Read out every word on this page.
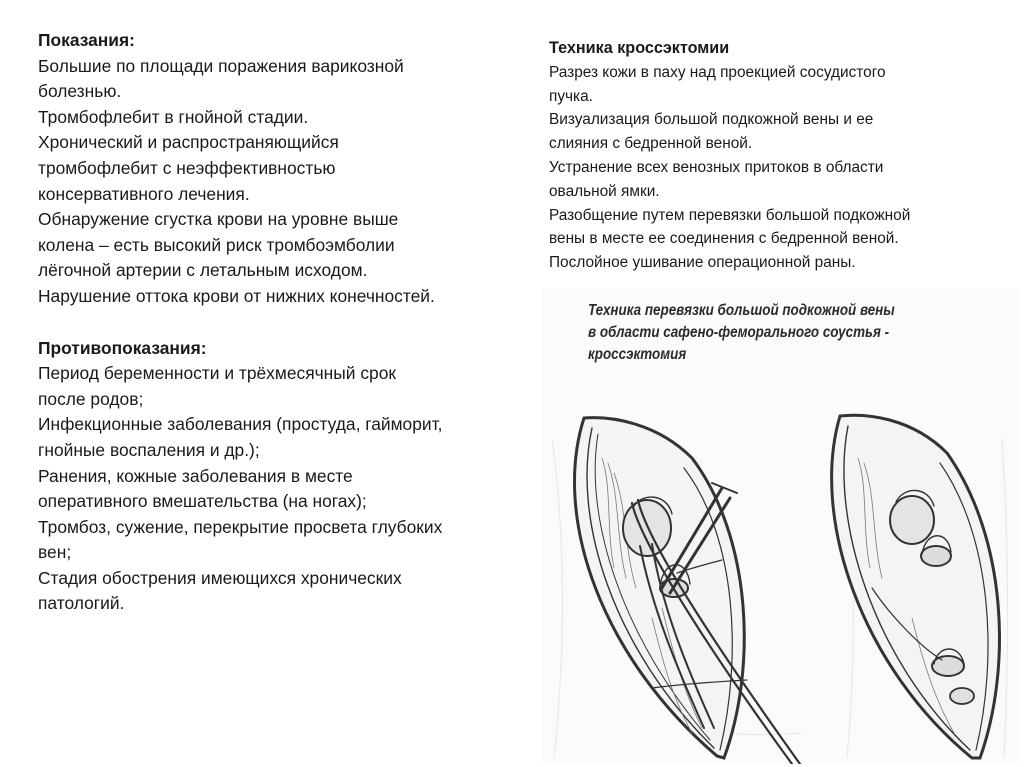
Показания:
Большие по площади поражения варикозной
болезнью.
Тромбофлебит в гнойной стадии.
Хронический и распространяющийся
тромбофлебит с неэффективностью
консервативного лечения.
Обнаружение сгустка крови на уровне выше
колена – есть высокий риск тромбоэмболии
лёгочной артерии с летальным исходом.
Нарушение оттока крови от нижних конечностей.
Противопоказания:
Период беременности и трёхмесячный срок
после родов;
Инфекционные заболевания (простуда, гайморит,
гнойные воспаления и др.);
Ранения, кожные заболевания в месте
оперативного вмешательства (на ногах);
Тромбоз, сужение, перекрытие просвета глубоких
вен;
Стадия обострения имеющихся хронических
патологий.
Техника кроссэктомии
Разрез кожи в паху над проекцией сосудистого
пучка.
Визуализация большой подкожной вены и ее
слияния с бедренной веной.
Устранение всех венозных притоков в области
овальной ямки.
Разобщение путем перевязки большой подкожной
вены в месте ее соединения с бедренной веной.
Послойное ушивание операционной раны.
Техника перевязки большой подкожной вены
в области сафено-феморального соустья -
кроссэктомия
